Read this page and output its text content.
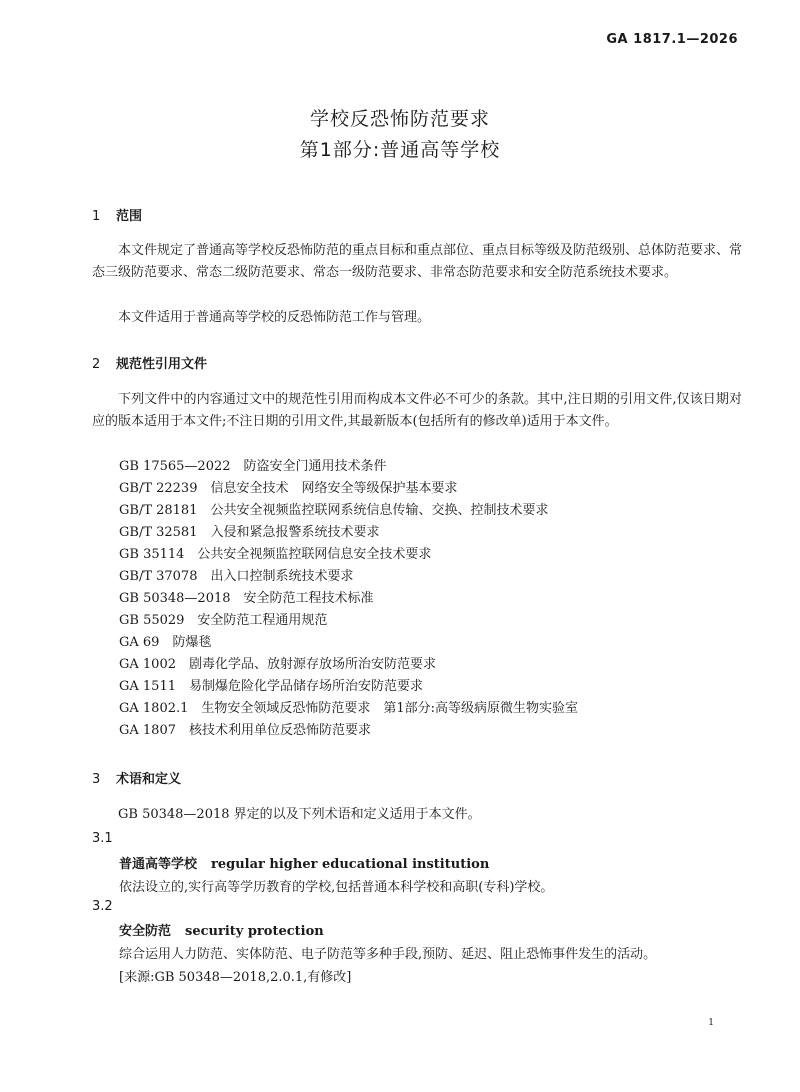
GA 1817.1—2026
学校反恐怖防范要求
第1部分:普通高等学校
1 范围
本文件规定了普通高等学校反恐怖防范的重点目标和重点部位、重点目标等级及防范级别、总体防范要求、常态三级防范要求、常态二级防范要求、常态一级防范要求、非常态防范要求和安全防范系统技术要求。
本文件适用于普通高等学校的反恐怖防范工作与管理。
2 规范性引用文件
下列文件中的内容通过文中的规范性引用而构成本文件必不可少的条款。其中,注日期的引用文件,仅该日期对应的版本适用于本文件;不注日期的引用文件,其最新版本(包括所有的修改单)适用于本文件。
GB 17565—2022　防盗安全门通用技术条件
GB/T 22239　信息安全技术　网络安全等级保护基本要求
GB/T 28181　公共安全视频监控联网系统信息传输、交换、控制技术要求
GB/T 32581　入侵和紧急报警系统技术要求
GB 35114　公共安全视频监控联网信息安全技术要求
GB/T 37078　出入口控制系统技术要求
GB 50348—2018　安全防范工程技术标准
GB 55029　安全防范工程通用规范
GA 69　防爆毯
GA 1002　剧毒化学品、放射源存放场所治安防范要求
GA 1511　易制爆危险化学品储存场所治安防范要求
GA 1802.1　生物安全领域反恐怖防范要求　第1部分:高等级病原微生物实验室
GA 1807　核技术利用单位反恐怖防范要求
3 术语和定义
GB 50348—2018 界定的以及下列术语和定义适用于本文件。
3.1
普通高等学校 regular higher educational institution
依法设立的,实行高等学历教育的学校,包括普通本科学校和高职(专科)学校。
3.2
安全防范 security protection
综合运用人力防范、实体防范、电子防范等多种手段,预防、延迟、阻止恐怖事件发生的活动。
[来源:GB 50348—2018,2.0.1,有修改]
1
